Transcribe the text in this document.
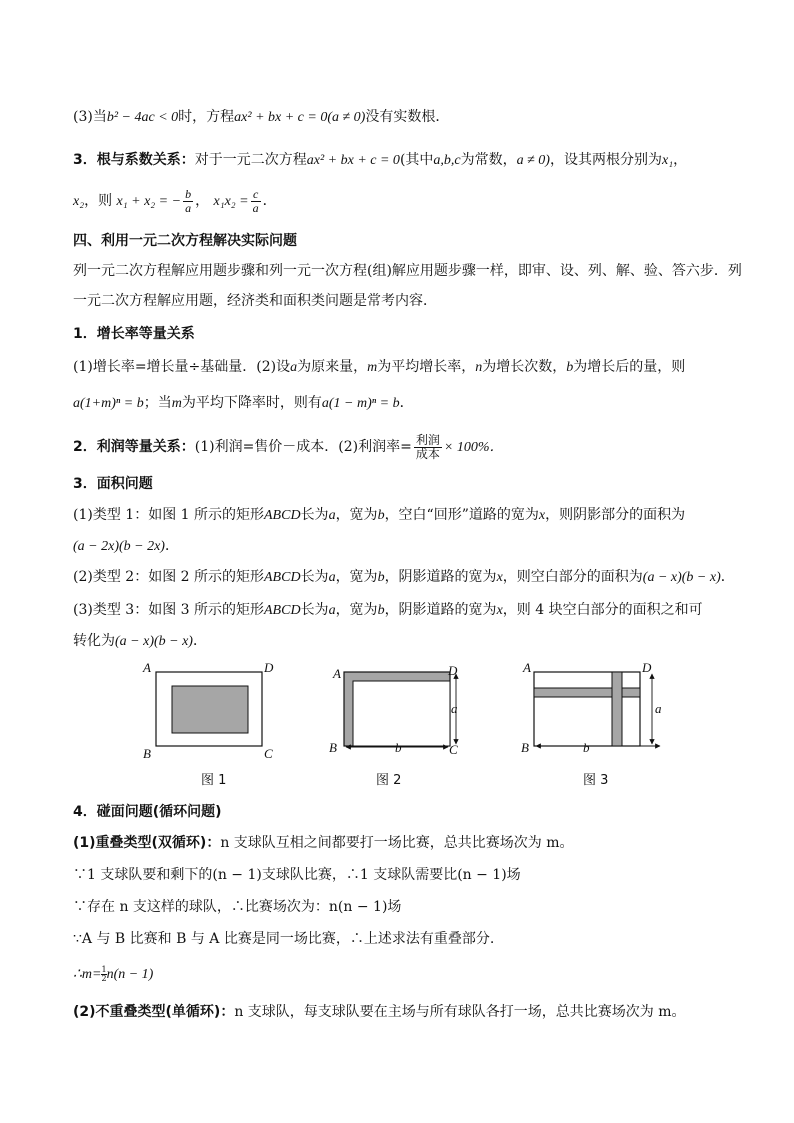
(3)当b² − 4ac < 0时，方程ax² + bx + c = 0(a ≠ 0)没有实数根．
3．根与系数关系：对于一元二次方程ax² + bx + c = 0(其中a,b,c为常数，a ≠ 0)，设其两根分别为x₁，
x₂，则 x₁ + x₂ = − $\frac{b}{a}$ ， $x_1x_2 = \frac{c}{a}$ ．
四、利用一元二次方程解决实际问题
列一元二次方程解应用题步骤和列一元一次方程(组)解应用题步骤一样，即审、设、列、解、验、答六步．列
一元二次方程解应用题，经济类和面积类问题是常考内容．
1．增长率等量关系
(1)增长率=增长量÷基础量．(2)设a为原来量，m为平均增长率，n为增长次数，b为增长后的量，则
a(1+m)ⁿ = b；当m为平均下降率时，则有a(1 − m)ⁿ = b．
2．利润等量关系：(1)利润=售价－成本．(2)利润率= $\frac{\text{利润}}{\text{成本}} \times 100\%$．
3．面积问题
(1)类型 1：如图 1 所示的矩形ABCD长为a，宽为b，空白“回形”道路的宽为x，则阴影部分的面积为
(a − 2x)(b − 2x)．
(2)类型 2：如图 2 所示的矩形ABCD长为a，宽为b，阴影道路的宽为x，则空白部分的面积为(a − x)(b − x)．
(3)类型 3：如图 3 所示的矩形ABCD长为a，宽为b，阴影道路的宽为x，则 4 块空白部分的面积之和可
转化为(a − x)(b − x)．
A	D
B	C
A	D
B	C
a
b
A	D
B
a
b
图 1	图 2	图 3
4．碰面问题(循环问题)
(1)重叠类型(双循环)：n 支球队互相之间都要打一场比赛，总共比赛场次为 m。
∵1 支球队要和剩下的(n − 1)支球队比赛，∴1 支球队需要比(n − 1)场
∵存在 n 支这样的球队，∴比赛场次为：n(n − 1)场
∵A 与 B 比赛和 B 与 A 比赛是同一场比赛，∴上述求法有重叠部分.
∴m= $\frac{1}{2}n(n - 1)$
(2)不重叠类型(单循环)：n 支球队，每支球队要在主场与所有球队各打一场，总共比赛场次为 m。
